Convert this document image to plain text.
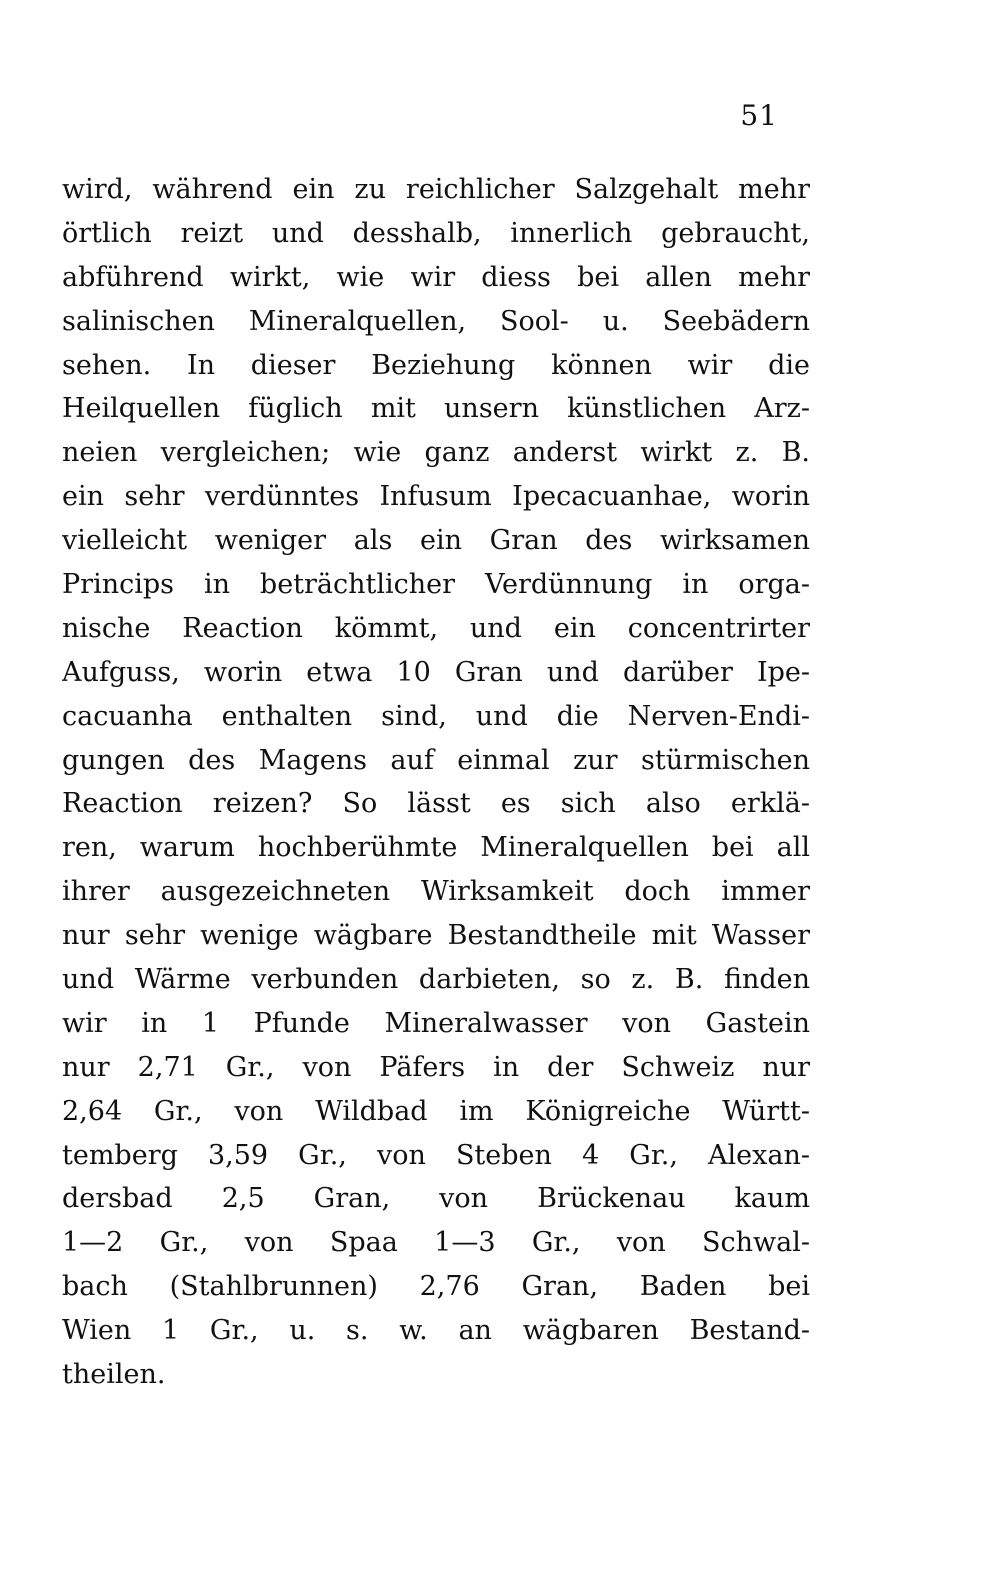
51
wird, während ein zu reichlicher Salzgehalt mehr
örtlich reizt und desshalb, innerlich gebraucht,
abführend wirkt, wie wir diess bei allen mehr
salinischen Mineralquellen, Sool- u. Seebädern
sehen. In dieser Beziehung können wir die
Heilquellen füglich mit unsern künstlichen Arz-
neien vergleichen; wie ganz anderst wirkt z. B.
ein sehr verdünntes Infusum Ipecacuanhae, worin
vielleicht weniger als ein Gran des wirksamen
Princips in beträchtlicher Verdünnung in orga-
nische Reaction kömmt, und ein concentrirter
Aufguss, worin etwa 10 Gran und darüber Ipe-
cacuanha enthalten sind, und die Nerven-Endi-
gungen des Magens auf einmal zur stürmischen
Reaction reizen? So lässt es sich also erklä-
ren, warum hochberühmte Mineralquellen bei all
ihrer ausgezeichneten Wirksamkeit doch immer
nur sehr wenige wägbare Bestandtheile mit Wasser
und Wärme verbunden darbieten, so z. B. finden
wir in 1 Pfunde Mineralwasser von Gastein
nur 2,71 Gr., von Päfers in der Schweiz nur
2,64 Gr., von Wildbad im Königreiche Württ-
temberg 3,59 Gr., von Steben 4 Gr., Alexan-
dersbad 2,5 Gran, von Brückenau kaum
1—2 Gr., von Spaa 1—3 Gr., von Schwal-
bach (Stahlbrunnen) 2,76 Gran, Baden bei
Wien 1 Gr., u. s. w. an wägbaren Bestand-
theilen.
